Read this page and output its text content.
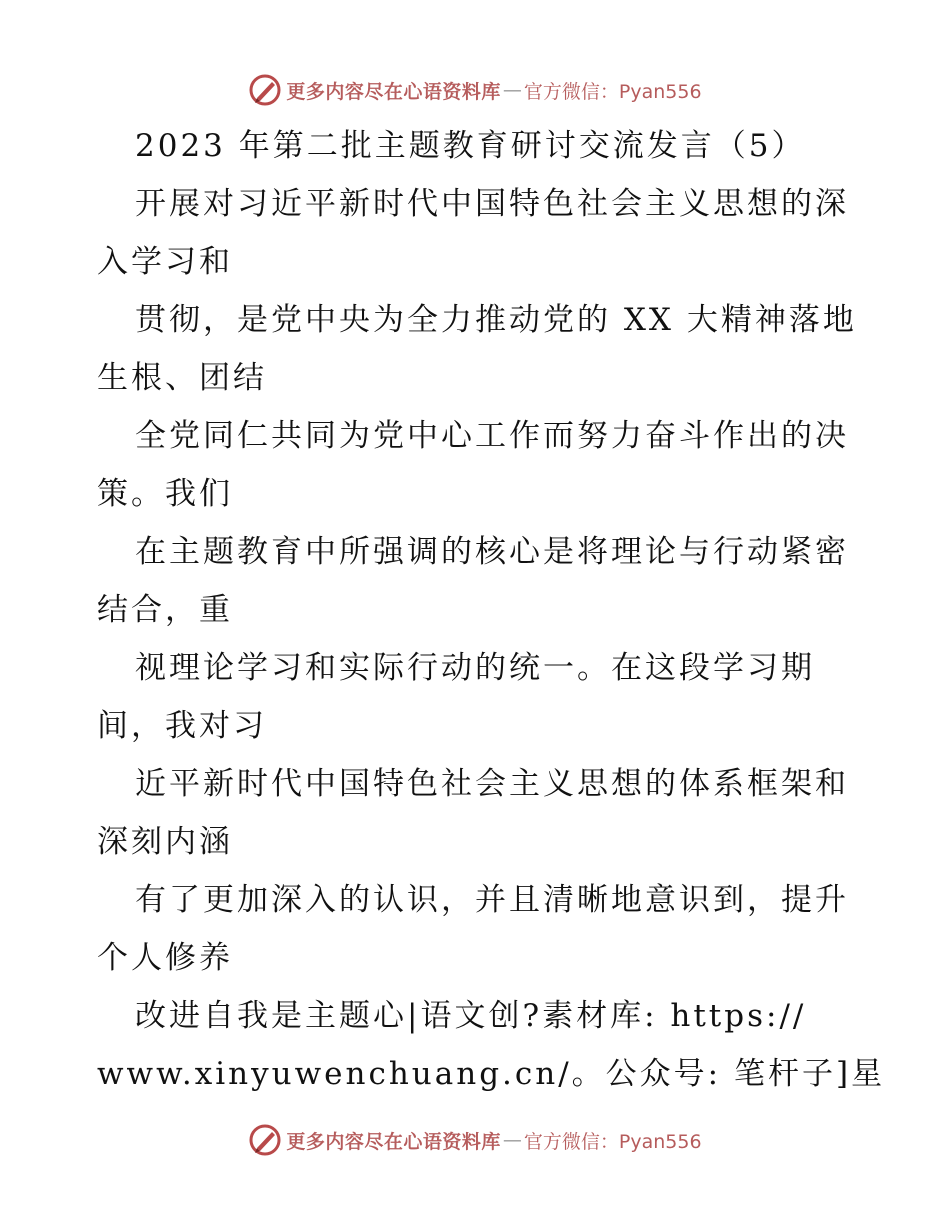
更多内容尽在心语资料库 — 官方微信：Pyan556
2023 年第二批主题教育研讨交流发言（5）
开展对习近平新时代中国特色社会主义思想的深
入学习和
贯彻，是党中央为全力推动党的 XX 大精神落地
生根、团结
全党同仁共同为党中心工作而努力奋斗作出的决
策。我们
在主题教育中所强调的核心是将理论与行动紧密
结合，重
视理论学习和实际行动的统一。在这段学习期
间，我对习
近平新时代中国特色社会主义思想的体系框架和
深刻内涵
有了更加深入的认识，并且清晰地意识到，提升
个人修养
改进自我是主题心|语文创?素材库: https://
www.xinyuwenchuang.cn/。公众号: 笔杆子]星
更多内容尽在心语资料库 — 官方微信：Pyan556
